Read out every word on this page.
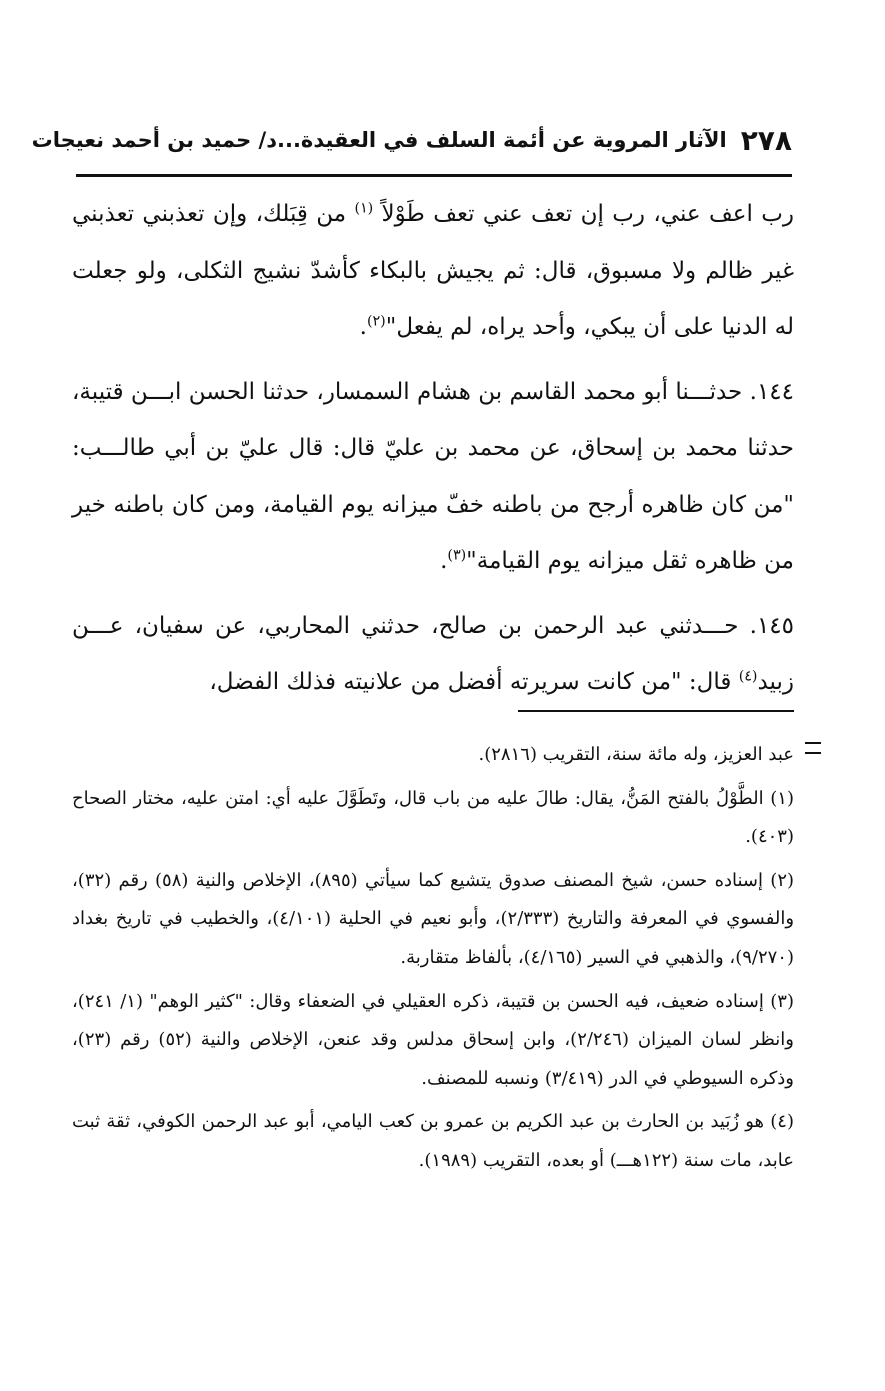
٢٧٨
الآثار المروية عن أئمة السلف في العقيدة...د/ حميد بن أحمد نعيجات

رب اعف عني، رب إن تعف عني تعف طَوْلاً $^{(١)}$ من قِبَلك، وإن تعذبني تعذبني غير ظالم ولا مسبوق، قال: ثم يجيش بالبكاء كأشدّ نشيج الثكلى، ولو جعلت له الدنيا على أن يبكي، وأحد يراه، لم يفعل"$^{(٢)}$.

١٤٤. حدثـــنا أبو محمد القاسم بن هشام السمسار، حدثنا الحسن ابـــن قتيبة، حدثنا محمد بن إسحاق، عن محمد بن عليّ قال: قال عليّ بن أبي طالـــب: "من كان ظاهره أرجح من باطنه خفّ ميزانه يوم القيامة، ومن كان باطنه خير من ظاهره ثقل ميزانه يوم القيامة"$^{(٣)}$.

١٤٥. حـــدثني عبد الرحمن بن صالح، حدثني المحاربي، عن سفيان، عـــن زبيد$^{(٤)}$ قال: "من كانت سريرته أفضل من علانيته فذلك الفضل،

عبد العزيز، وله مائة سنة، التقريب (٢٨١٦).

(١) الطَّوْلُ بالفتح المَنُّ، يقال: طالَ عليه من باب قال، وتَطَوَّلَ عليه أي: امتن عليه، مختار الصحاح (٤٠٣).

(٢) إسناده حسن، شيخ المصنف صدوق يتشيع كما سيأتي (٨٩٥)، الإخلاص والنية (٥٨) رقم (٣٢)، والفسوي في المعرفة والتاريخ (٢/٣٣٣)، وأبو نعيم في الحلية (٤/١٠١)، والخطيب في تاريخ بغداد (٩/٢٧٠)، والذهبي في السير (٤/١٦٥)، بألفاظ متقاربة.

(٣) إسناده ضعيف، فيه الحسن بن قتيبة، ذكره العقيلي في الضعفاء وقال: "كثير الوهم" (١/ ٢٤١)، وانظر لسان الميزان (٢/٢٤٦)، وابن إسحاق مدلس وقد عنعن، الإخلاص والنية (٥٢) رقم (٢٣)، وذكره السيوطي في الدر (٣/٤١٩) ونسبه للمصنف.

(٤) هو زُبَيد بن الحارث بن عبد الكريم بن عمرو بن كعب اليامي، أبو عبد الرحمن الكوفي، ثقة ثبت عابد، مات سنة (١٢٢هـــ) أو بعده، التقريب (١٩٨٩).
